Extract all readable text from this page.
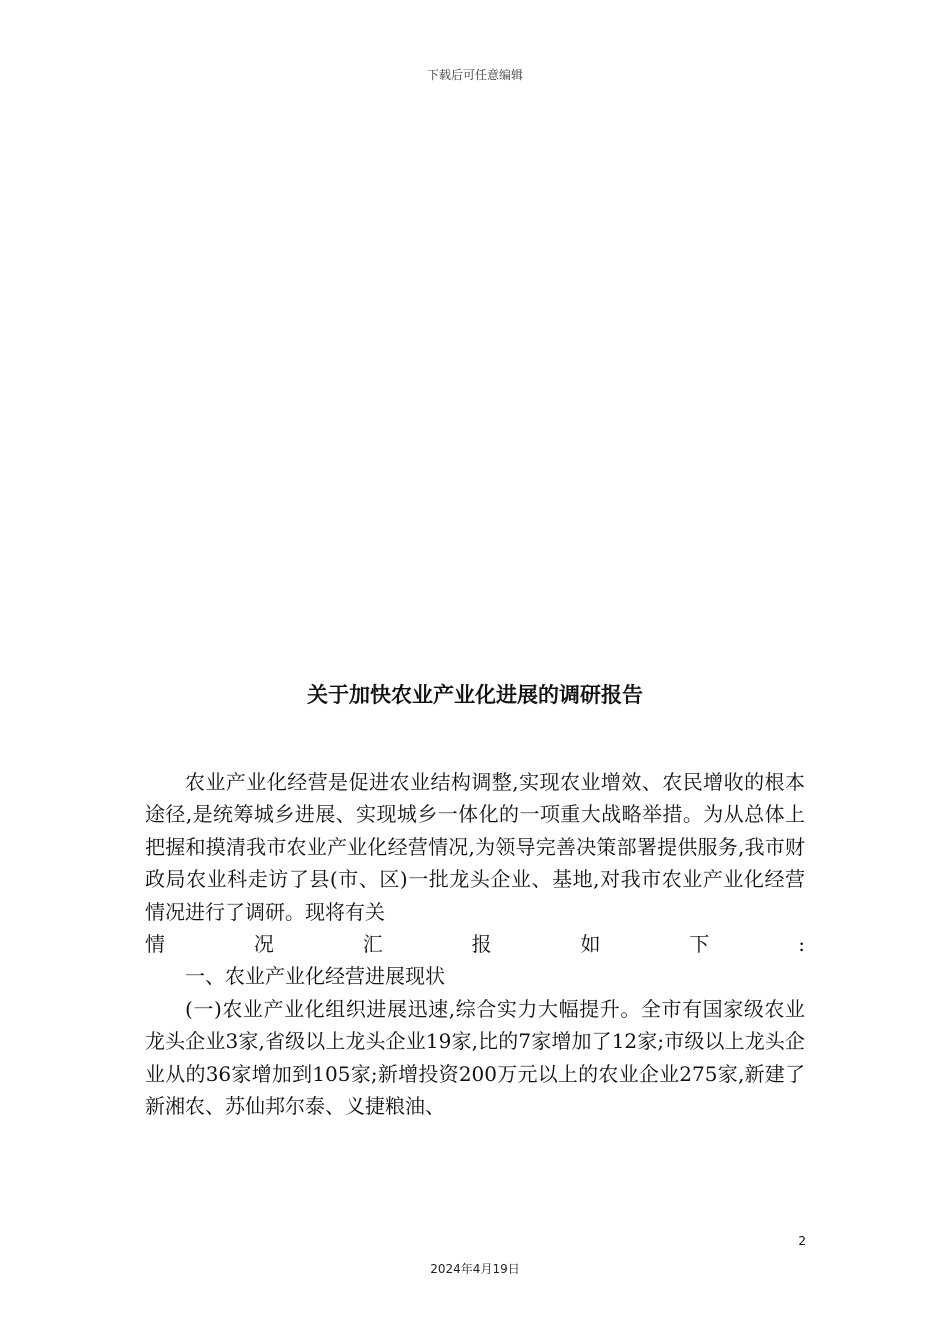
下载后可任意编辑
关于加快农业产业化进展的调研报告

农业产业化经营是促进农业结构调整,实现农业增效、农民增收的根本途径,是统筹城乡进展、实现城乡一体化的一项重大战略举措。为从总体上把握和摸清我市农业产业化经营情况,为领导完善决策部署提供服务,我市财政局农业科走访了县(市、区)一批龙头企业、基地,对我市农业产业化经营情况进行了调研。现将有关

情	况	汇	报	如	下	:

一、农业产业化经营进展现状

(一)农业产业化组织进展迅速,综合实力大幅提升。全市有国家级农业龙头企业3家,省级以上龙头企业19家,比的7家增加了12家;市级以上龙头企业从的36家增加到105家;新增投资200万元以上的农业企业275家,新建了新湘农、苏仙邦尔泰、义捷粮油、

2
2024年4月19日
